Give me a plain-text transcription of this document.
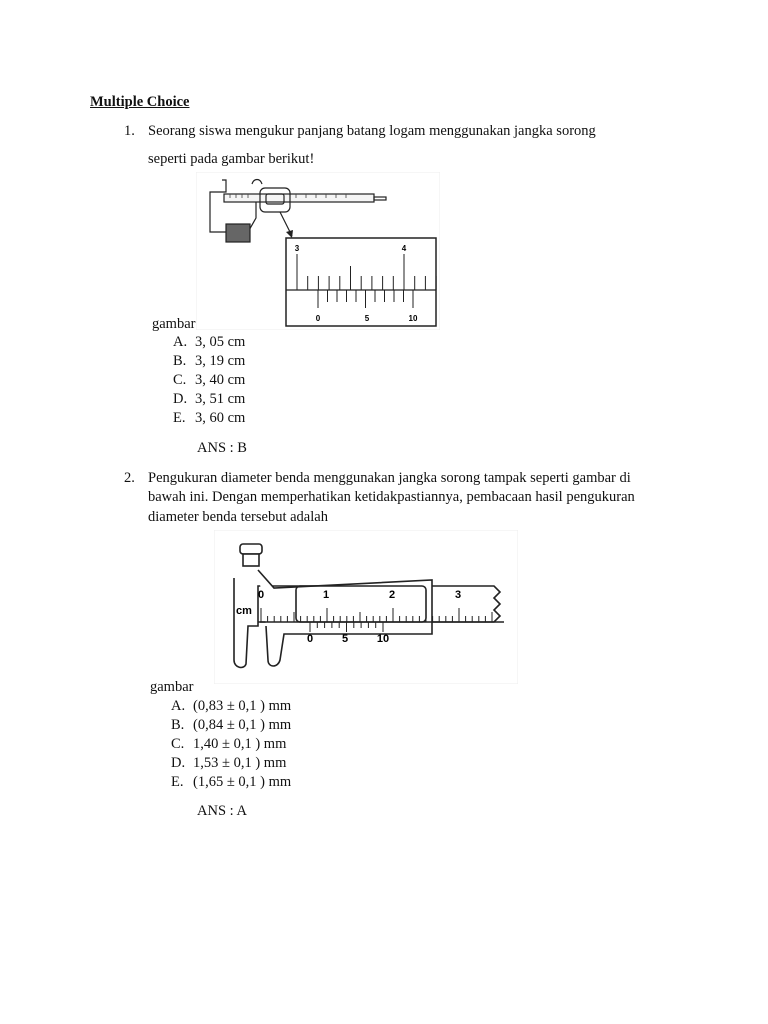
Multiple Choice
1. Seorang siswa mengukur panjang batang logam menggunakan jangka sorong
seperti pada gambar berikut!
3	4
0	5	10
gambar
A. 3, 05 cm
B. 3, 19 cm
C. 3, 40 cm
D. 3, 51 cm
E. 3, 60 cm
ANS : B
2. Pengukuran diameter benda menggunakan jangka sorong tampak seperti gambar di
bawah ini. Dengan memperhatikan ketidakpastiannya, pembacaan hasil pengukuran
diameter benda tersebut adalah
cm
0	1	2	3
0	5	10
gambar
A. (0,83 ± 0,1 ) mm
B. (0,84 ± 0,1 ) mm
C. 1,40 ± 0,1 ) mm
D. 1,53 ± 0,1 ) mm
E. (1,65 ± 0,1 ) mm
ANS : A
